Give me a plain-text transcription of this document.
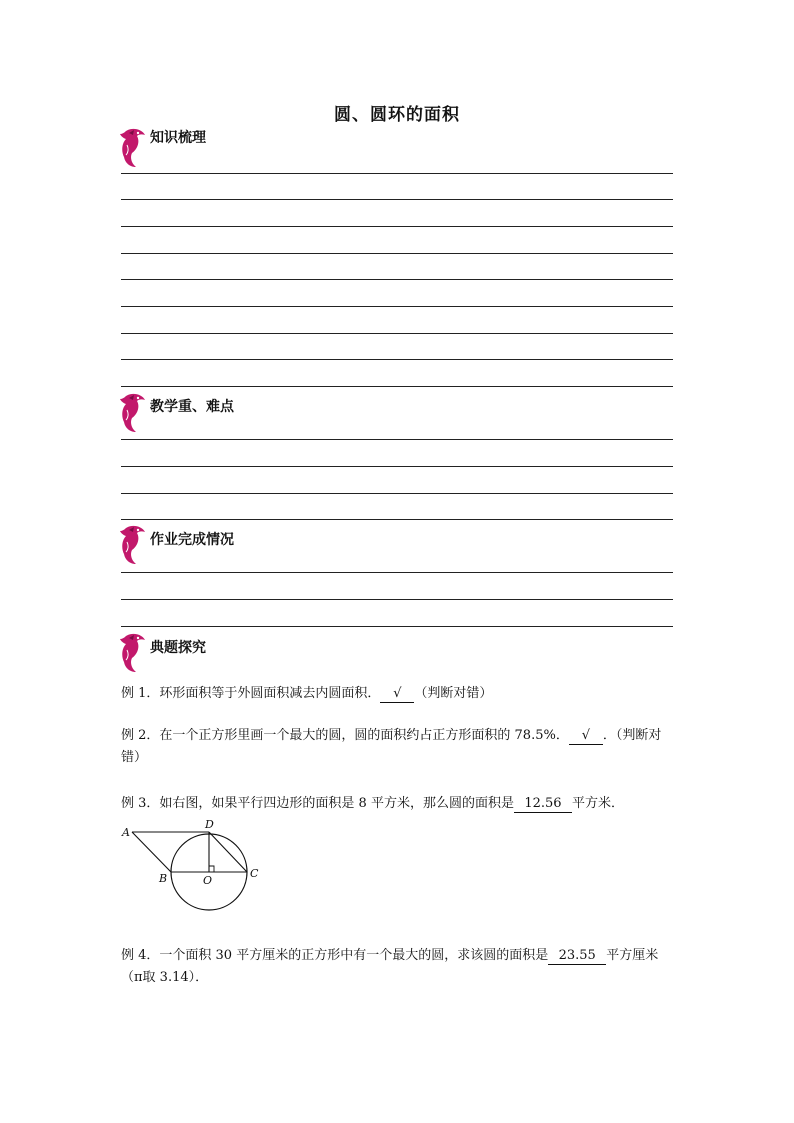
圆、圆环的面积
知识梳理
教学重、难点
作业完成情况
典题探究
例 1．环形面积等于外圆面积减去内圆面积． √ （判断对错）
例 2．在一个正方形里画一个最大的圆，圆的面积约占正方形面积的 78.5%． √ ．（判断对错）
例 3．如右图，如果平行四边形的面积是 8 平方米，那么圆的面积是 12.56 平方米．
A
B	C
D
O
例 4．一个面积 30 平方厘米的正方形中有一个最大的圆，求该圆的面积是 23.55 平方厘米（π取 3.14）．
